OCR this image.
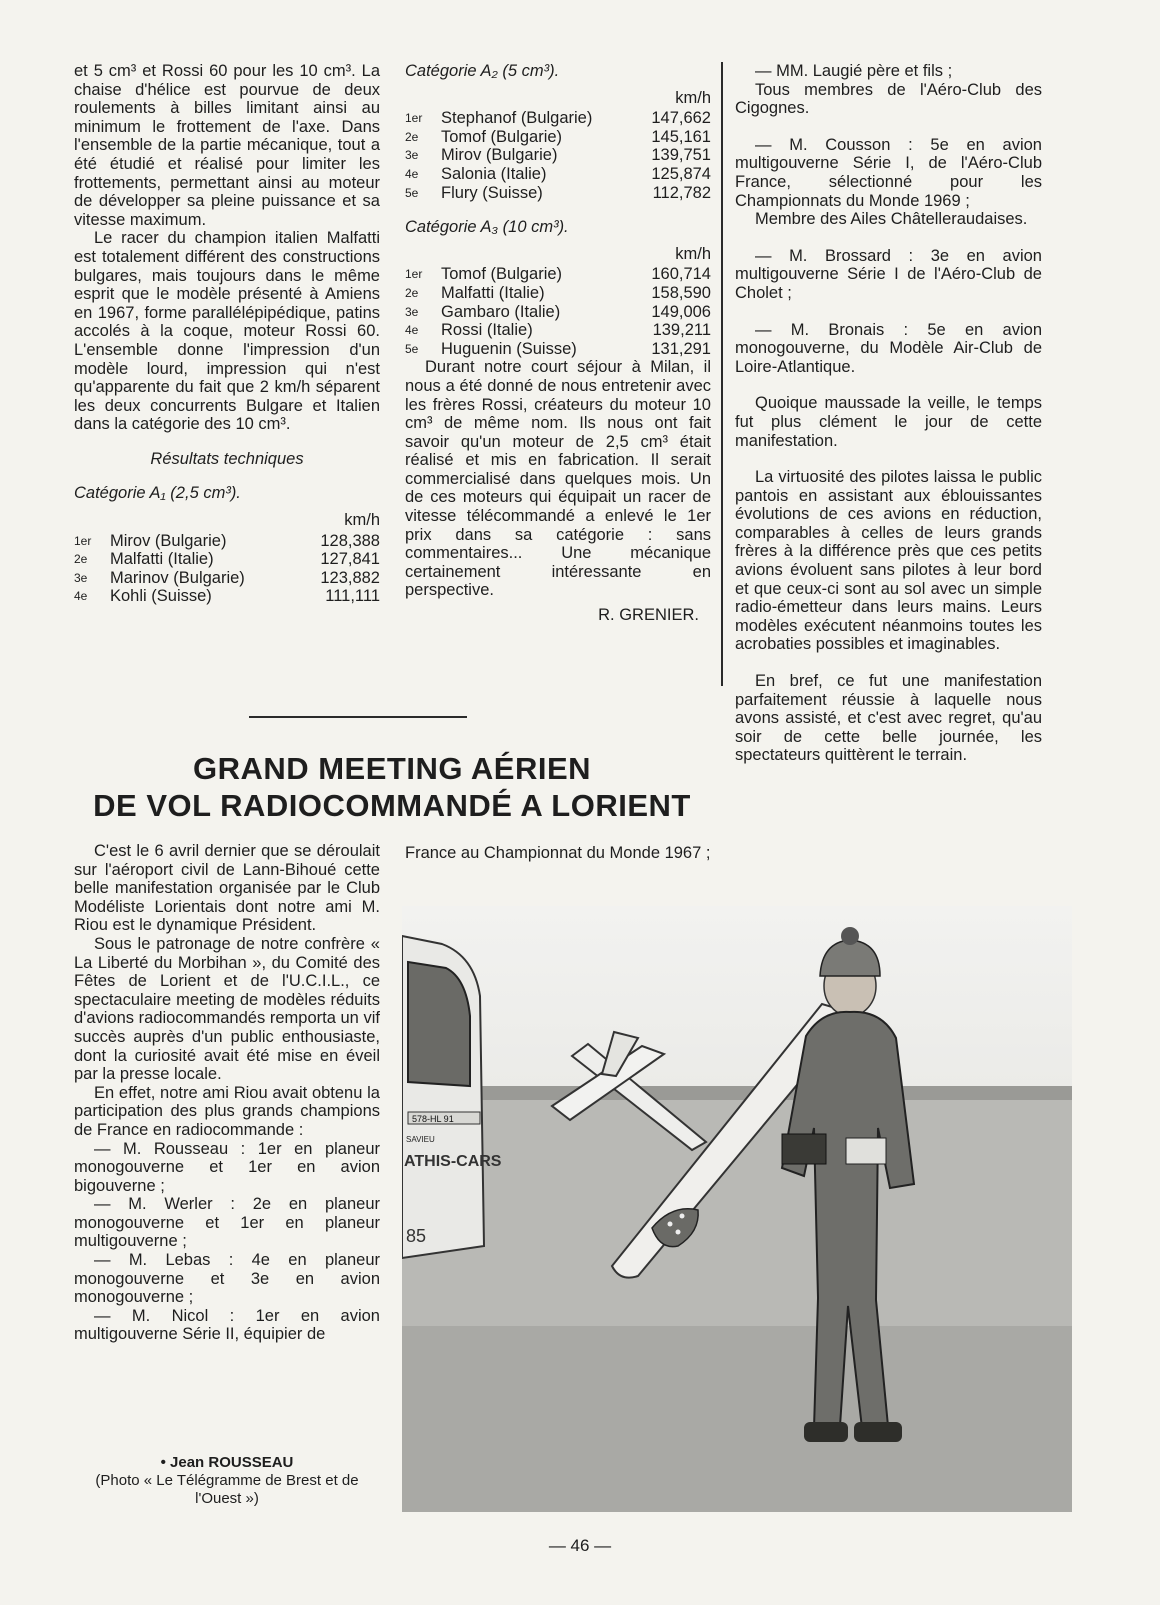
et 5 cm³ et Rossi 60 pour les 10 cm³. La chaise d'hélice est pourvue de deux roulements à billes limitant ainsi au minimum le frottement de l'axe. Dans l'ensemble de la partie mécanique, tout a été étudié et réalisé pour limiter les frottements, permettant ainsi au moteur de développer sa pleine puissance et sa vitesse maximum.

Le racer du champion italien Malfatti est totalement différent des constructions bulgares, mais toujours dans le même esprit que le modèle présenté à Amiens en 1967, forme parallélépipédique, patins accolés à la coque, moteur Rossi 60. L'ensemble donne l'impression d'un modèle lourd, impression qui n'est qu'apparente du fait que 2 km/h séparent les deux concurrents Bulgare et Italien dans la catégorie des 10 cm³.

Résultats techniques
Catégorie A₁ (2,5 cm³).
km/h
1er	Mirov (Bulgarie)	128,388
2e	Malfatti (Italie)	127,841
3e	Marinov (Bulgarie)	123,882
4e	Kohli (Suisse)	111,111
Catégorie A₂ (5 cm³).
km/h
1er	Stephanof (Bulgarie)	147,662
2e	Tomof (Bulgarie)	145,161
3e	Mirov (Bulgarie)	139,751
4e	Salonia (Italie)	125,874
5e	Flury (Suisse)	112,782
Catégorie A₃ (10 cm³).
km/h
1er	Tomof (Bulgarie)	160,714
2e	Malfatti (Italie)	158,590
3e	Gambaro (Italie)	149,006
4e	Rossi (Italie)	139,211
5e	Huguenin (Suisse)	131,291

Durant notre court séjour à Milan, il nous a été donné de nous entretenir avec les frères Rossi, créateurs du moteur 10 cm³ de même nom. Ils nous ont fait savoir qu'un moteur de 2,5 cm³ était réalisé et mis en fabrication. Il serait commercialisé dans quelques mois. Un de ces moteurs qui équipait un racer de vitesse télécommandé a enlevé le 1er prix dans sa catégorie : sans commentaires... Une mécanique certainement intéressante en perspective.

R. GRENIER.

— MM. Laugié père et fils ;

Tous membres de l'Aéro-Club des Cigognes.

— M. Cousson : 5e en avion multigouverne Série I, de l'Aéro-Club France, sélectionné pour les Championnats du Monde 1969 ;

Membre des Ailes Châtelleraudaises.

— M. Brossard : 3e en avion multigouverne Série I de l'Aéro-Club de Cholet ;

— M. Bronais : 5e en avion monogouverne, du Modèle Air-Club de Loire-Atlantique.

Quoique maussade la veille, le temps fut plus clément le jour de cette manifestation.

La virtuosité des pilotes laissa le public pantois en assistant aux éblouissantes évolutions de ces avions en réduction, comparables à celles de leurs grands frères à la différence près que ces petits avions évoluent sans pilotes à leur bord et que ceux-ci sont au sol avec un simple radio-émetteur dans leurs mains. Leurs modèles exécutent néanmoins toutes les acrobaties possibles et imaginables.

En bref, ce fut une manifestation parfaitement réussie à laquelle nous avons assisté, et c'est avec regret, qu'au soir de cette belle journée, les spectateurs quittèrent le terrain.

GRAND MEETING AÉRIEN
DE VOL RADIOCOMMANDÉ A LORIENT

C'est le 6 avril dernier que se déroulait sur l'aéroport civil de Lann-Bihoué cette belle manifestation organisée par le Club Modéliste Lorientais dont notre ami M. Riou est le dynamique Président.

Sous le patronage de notre confrère « La Liberté du Morbihan », du Comité des Fêtes de Lorient et de l'U.C.I.L., ce spectaculaire meeting de modèles réduits d'avions radiocommandés remporta un vif succès auprès d'un public enthousiaste, dont la curiosité avait été mise en éveil par la presse locale.

En effet, notre ami Riou avait obtenu la participation des plus grands champions de France en radiocommande :

— M. Rousseau : 1er en planeur monogouverne et 1er en avion bigouverne ;

— M. Werler : 2e en planeur monogouverne et 1er en planeur multigouverne ;

— M. Lebas : 4e en planeur monogouverne et 3e en avion monogouverne ;

— M. Nicol : 1er en avion multigouverne Série II, équipier de

France au Championnat du Monde 1967 ;

578-HL 91
SAVIEU
ATHIS-CARS
85
• Jean ROUSSEAU
(Photo « Le Télégramme de Brest et de l'Ouest »)
— 46 —
